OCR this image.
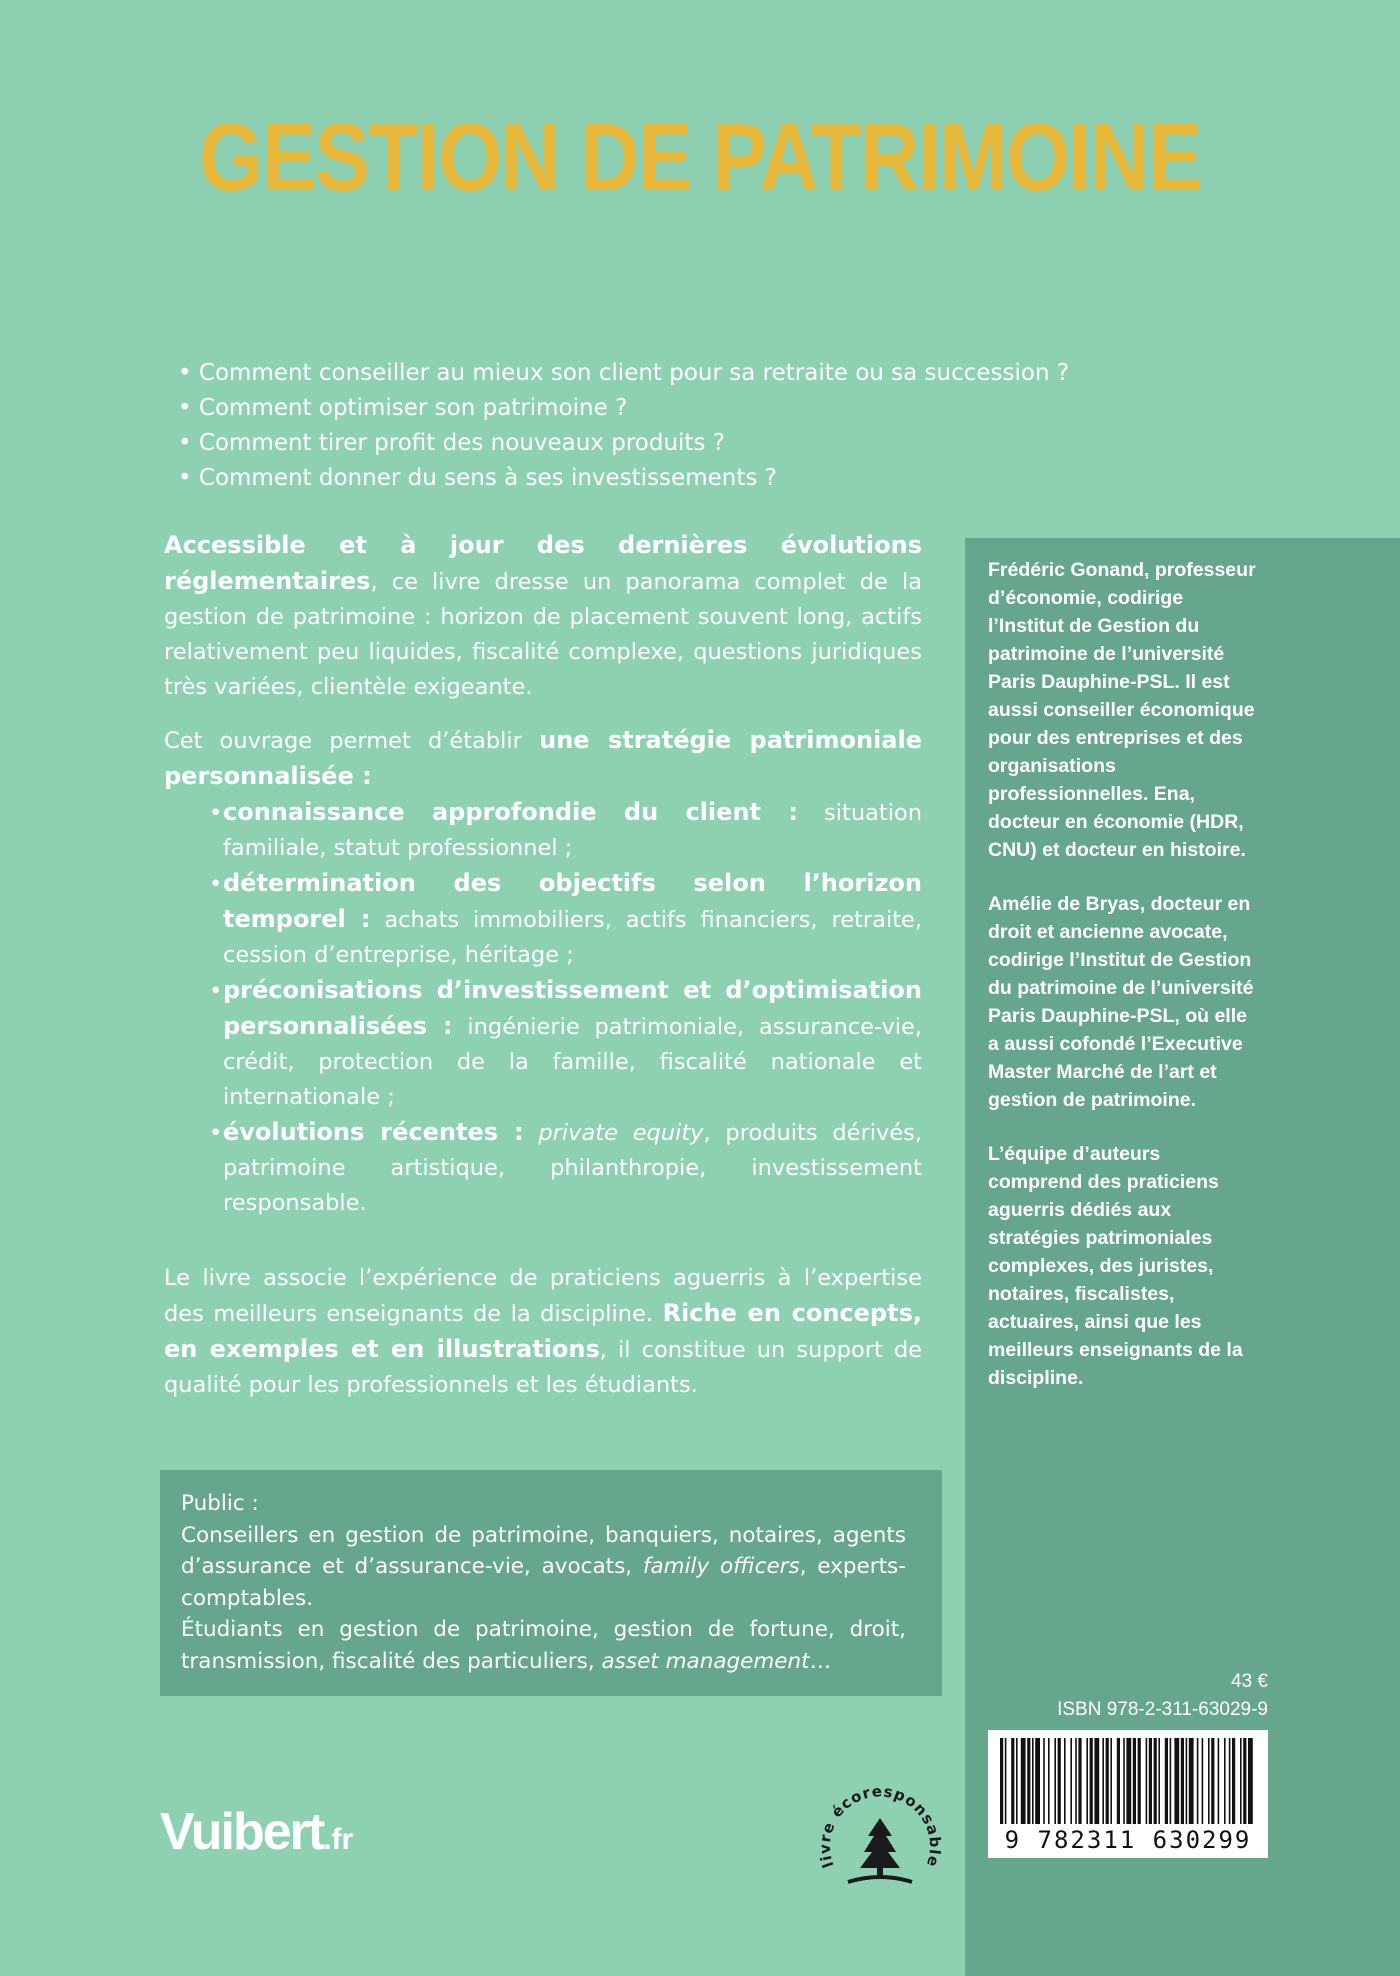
GESTION DE PATRIMOINE
• Comment conseiller au mieux son client pour sa retraite ou sa succession ?
• Comment optimiser son patrimoine ?
• Comment tirer profit des nouveaux produits ?
• Comment donner du sens à ses investissements ?

Accessible et à jour des dernières évolutions réglementaires, ce livre dresse un panorama complet de la gestion de patrimoine : horizon de placement souvent long, actifs relativement peu liquides, fiscalité complexe, questions juridiques très variées, clientèle exigeante.

Cet ouvrage permet d’établir une stratégie patrimoniale personnalisée :

• connaissance approfondie du client : situation familiale, statut professionnel ;
• détermination des objectifs selon l’horizon temporel : achats immobiliers, actifs financiers, retraite, cession d’entreprise, héritage ;
• préconisations d’investissement et d’optimisation personnalisées : ingénierie patrimoniale, assurance-vie, crédit, protection de la famille, fiscalité nationale et internationale ;
• évolutions récentes : private equity, produits dérivés, patrimoine artistique, philanthropie, investissement responsable.

Le livre associe l’expérience de praticiens aguerris à l’expertise des meilleurs enseignants de la discipline. Riche en concepts, en exemples et en illustrations, il constitue un support de qualité pour les professionnels et les étudiants.

Public :
Conseillers en gestion de patrimoine, banquiers, notaires, agents d’assurance et d’assurance-vie, avocats, family officers, experts-comptables.
Étudiants en gestion de patrimoine, gestion de fortune, droit, transmission, fiscalité des particuliers, asset management…

Frédéric Gonand, professeur d’économie, codirige l’Institut de Gestion du patrimoine de l’université Paris Dauphine-PSL. Il est aussi conseiller économique pour des entreprises et des organisations professionnelles. Ena, docteur en économie (HDR, CNU) et docteur en histoire.

Amélie de Bryas, docteur en droit et ancienne avocate, codirige l’Institut de Gestion du patrimoine de l’université Paris Dauphine-PSL, où elle a aussi cofondé l’Executive Master Marché de l’art et gestion de patrimoine.

L’équipe d’auteurs comprend des praticiens aguerris dédiés aux stratégies patrimoniales complexes, des juristes, notaires, fiscalistes, actuaires, ainsi que les meilleurs enseignants de la discipline.

43 €
ISBN 978-2-311-63029-9
9 782311 630299
Vuibert.fr
livre écoresponsable
